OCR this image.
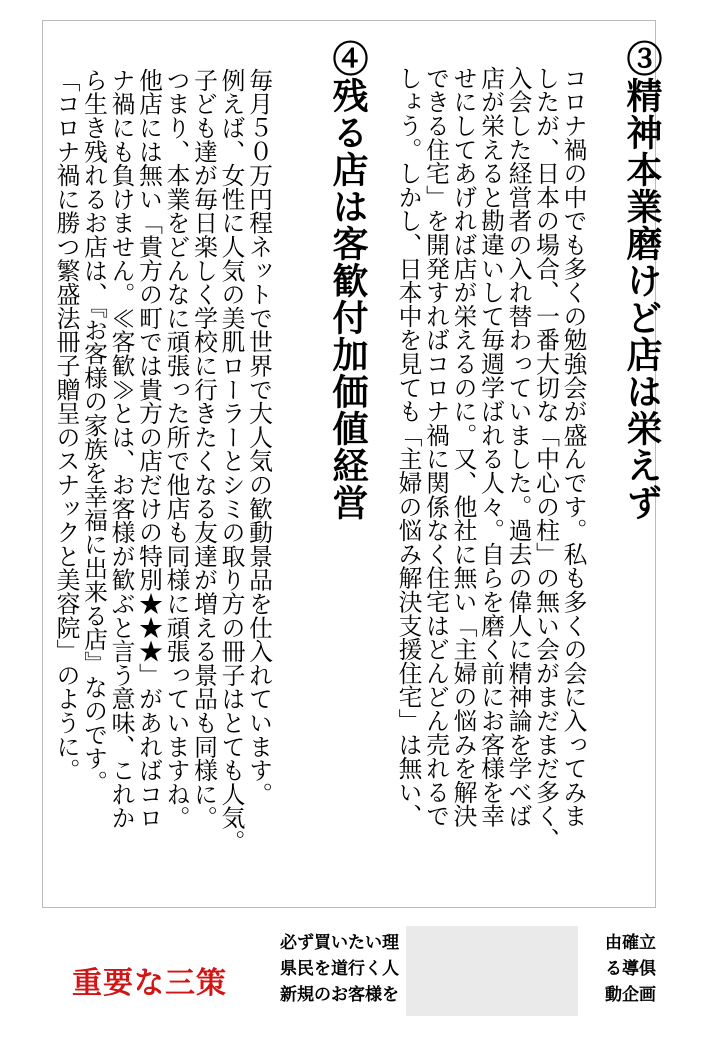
③精神本業磨けど店は栄えず

コロナ禍の中でも多くの勉強会が盛んです。私も多くの会に入ってみま
したが、日本の場合、一番大切な「中心の柱」の無い会がまだまだ多く、
入会した経営者の入れ替わっていました。過去の偉人に精神論を学べば
店が栄えると勘違いして毎週学ばれる人々。自らを磨く前にお客様を幸
せにしてあげれば店が栄えるのに。又、他社に無い「主婦の悩みを解決
できる住宅」を開発すればコロナ禍に関係なく住宅はどんどん売れるで
しょう。しかし、日本中を見ても「主婦の悩み解決支援住宅」は無い、

④残る店は客歓付加価値経営

毎月５０万円程ネットで世界で大人気の歓動景品を仕入れています。
例えば、女性に人気の美肌ローラーとシミの取り方の冊子はとても人気。
子ども達が毎日楽しく学校に行きたくなる友達が増える景品も同様に。
つまり、本業をどんなに頑張った所で他店も同様に頑張っていますね。
他店には無い「貴方の町では貴方の店だけの特別★★★」があればコロ
ナ禍にも負けません。≪客歓≫とは、お客様が歓ぶと言う意味、これか
ら生き残れるお店は、『お客様の家族を幸福に出来る店』なのです。
「コロナ禍に勝つ繁盛法冊子贈呈のスナックと美容院」のように。

重要な三策
必ず買いたい理	由確立
県民を道行く人	る導俱
新規のお客様を	動企画
